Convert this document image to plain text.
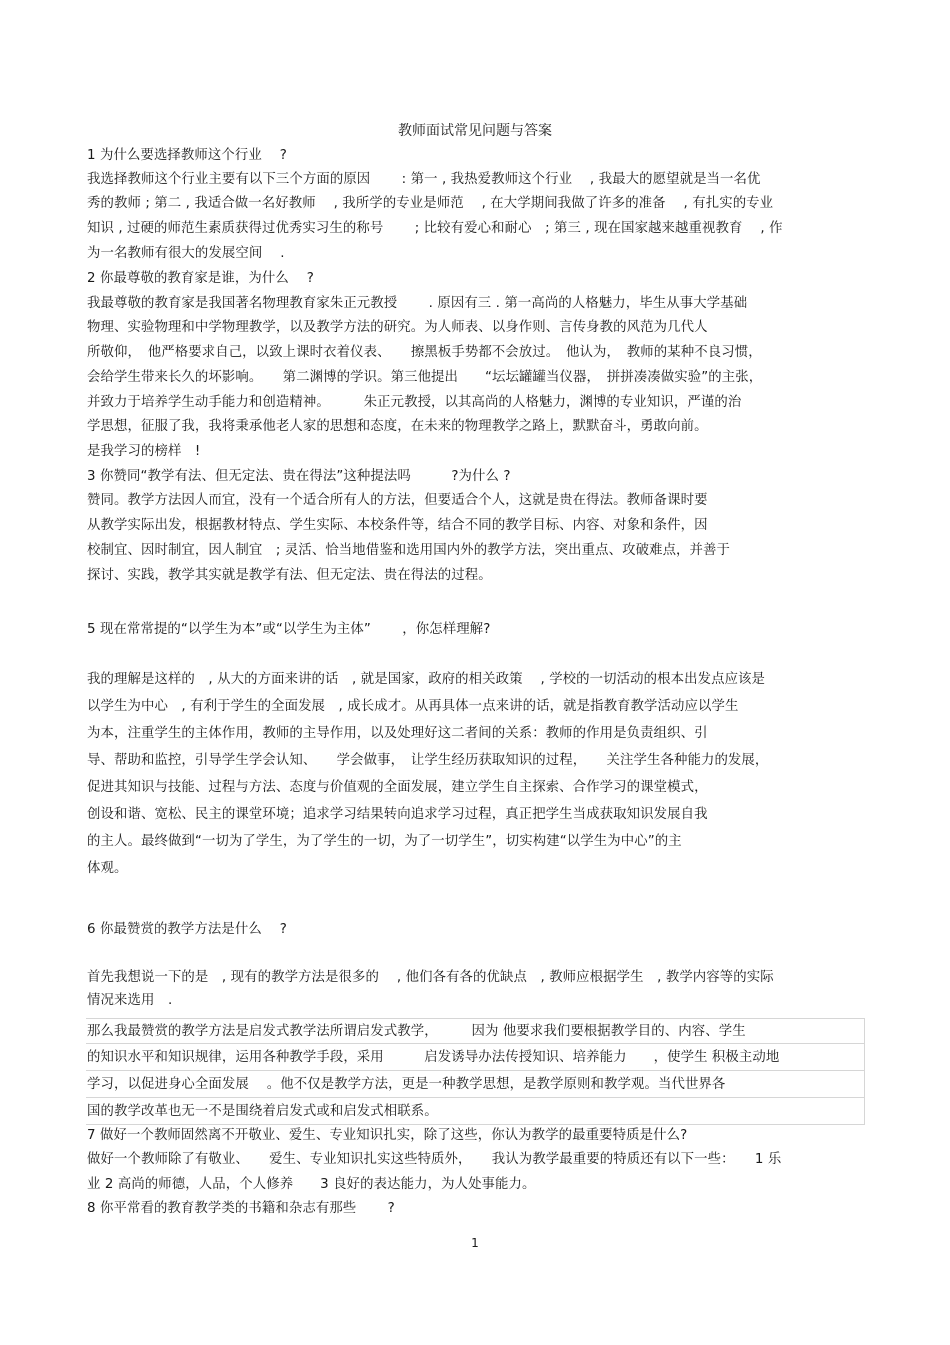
教师面试常见问题与答案
1 为什么要选择教师这个行业　 ?
我选择教师这个行业主要有以下三个方面的原因　　 : 第一 , 我热爱教师这个行业　 , 我最大的愿望就是当一名优
秀的教师 ; 第二 , 我适合做一名好教师　 , 我所学的专业是师范　 , 在大学期间我做了许多的准备　 , 有扎实的专业
知识 , 过硬的师范生素质获得过优秀实习生的称号　　 ; 比较有爱心和耐心　; 第三 , 现在国家越来越重视教育　 , 作
为一名教师有很大的发展空间　 .
2 你最尊敬的教育家是谁，为什么　 ?
我最尊敬的教育家是我国著名物理教育家朱正元教授　　 . 原因有三 . 第一高尚的人格魅力，毕生从事大学基础
物理、实验物理和中学物理教学，以及教学方法的研究。为人师表、以身作则、言传身教的风范为几代人
所敬仰，　他严格要求自己，以致上课时衣着仪表、　　擦黑板手势都不会放过。　他认为，　教师的某种不良习惯，
会给学生带来长久的坏影响。　　第二渊博的学识。第三他提出　　“坛坛罐罐当仪器，　拼拼凑凑做实验”的主张，
并致力于培养学生动手能力和创造精神。　　　朱正元教授，以其高尚的人格魅力，渊博的专业知识，严谨的治
学思想，征服了我，我将秉承他老人家的思想和态度，在未来的物理教学之路上，默默奋斗，勇敢向前。
是我学习的榜样　!
3 你赞同“教学有法、但无定法、贵在得法”这种提法吗　　　?为什么 ?
赞同。教学方法因人而宜，没有一个适合所有人的方法，但要适合个人，这就是贵在得法。教师备课时要
从教学实际出发，根据教材特点、学生实际、本校条件等，结合不同的教学目标、内容、对象和条件，因
校制宜、因时制宜，因人制宜　; 灵活、恰当地借鉴和选用国内外的教学方法，突出重点、攻破难点，并善于
探讨、实践，教学其实就是教学有法、但无定法、贵在得法的过程。
5 现在常常提的“以学生为本”或“以学生为主体”　　 ，你怎样理解?
我的理解是这样的　, 从大的方面来讲的话　, 就是国家，政府的相关政策　 , 学校的一切活动的根本出发点应该是
以学生为中心　, 有利于学生的全面发展　, 成长成才。从再具体一点来讲的话，就是指教育教学活动应以学生
为本，注重学生的主体作用，教师的主导作用，以及处理好这二者间的关系：教师的作用是负责组织、引
导、帮助和监控，引导学生学会认知、　　学会做事，　让学生经历获取知识的过程，　　关注学生各种能力的发展，
促进其知识与技能、过程与方法、态度与价值观的全面发展，建立学生自主探索、合作学习的课堂模式，
创设和谐、宽松、民主的课堂环境；追求学习结果转向追求学习过程，真正把学生当成获取知识发展自我
的主人。最终做到“一切为了学生，为了学生的一切，为了一切学生”，切实构建“以学生为中心”的主
体观。
6 你最赞赏的教学方法是什么　 ?
首先我想说一下的是　, 现有的教学方法是很多的　 , 他们各有各的优缺点　, 教师应根据学生　, 教学内容等的实际
情况来选用　.
那么我最赞赏的教学方法是启发式教学法所谓启发式教学，　　　因为 他要求我们要根据教学目的、内容、学生
的知识水平和知识规律，运用各种教学手段，采用　　　启发诱导办法传授知识、培养能力　　，使学生 积极主动地
学习，以促进身心全面发展　 。他不仅是教学方法，更是一种教学思想，是教学原则和教学观。当代世界各
国的教学改革也无一不是围绕着启发式或和启发式相联系。
7 做好一个教师固然离不开敬业、爱生、专业知识扎实，除了这些，你认为教学的最重要特质是什么?
做好一个教师除了有敬业、　　爱生、专业知识扎实这些特质外，　　我认为教学最重要的特质还有以下一些：　　1 乐
业 2 高尚的师德，人品，个人修养　　3 良好的表达能力，为人处事能力。
8 你平常看的教育教学类的书籍和杂志有那些　　 ?
1
